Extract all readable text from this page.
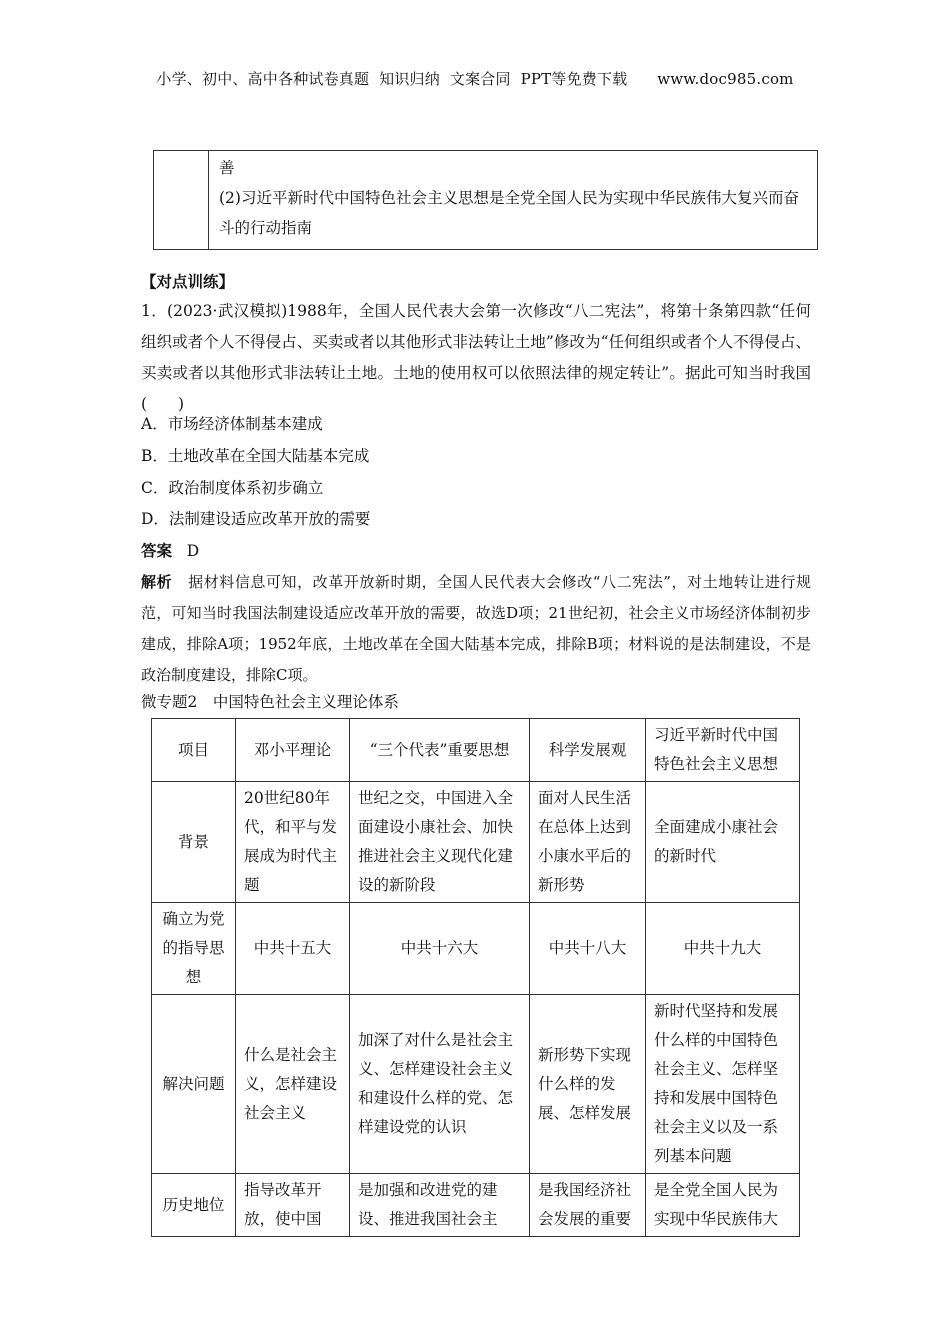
小学、初中、高中各种试卷真题  知识归纳  文案合同  PPT等免费下载      www.doc985.com

善
(2)习近平新时代中国特色社会主义思想是全党全国人民为实现中华民族伟大复兴而奋斗的行动指南
【对点训练】
1．(2023·武汉模拟)1988年，全国人民代表大会第一次修改“八二宪法”，将第十条第四款“任何组织或者个人不得侵占、买卖或者以其他形式非法转让土地”修改为“任何组织或者个人不得侵占、买卖或者以其他形式非法转让土地。土地的使用权可以依照法律的规定转让”。据此可知当时我国(　　)
A．市场经济体制基本建成
B．土地改革在全国大陆基本完成
C．政治制度体系初步确立
D．法制建设适应改革开放的需要
答案 D
解析 据材料信息可知，改革开放新时期，全国人民代表大会修改“八二宪法”，对土地转让进行规范，可知当时我国法制建设适应改革开放的需要，故选D项；21世纪初，社会主义市场经济体制初步建成，排除A项；1952年底，土地改革在全国大陆基本完成，排除B项；材料说的是法制建设，不是政治制度建设，排除C项。
微专题2　中国特色社会主义理论体系
项目	邓小平理论	“三个代表”重要思想	科学发展观	习近平新时代中国特色社会主义思想
背景	20世纪80年代，和平与发展成为时代主题	世纪之交，中国进入全面建设小康社会、加快推进社会主义现代化建设的新阶段	面对人民生活在总体上达到小康水平后的新形势	全面建成小康社会的新时代
确立为党的指导思想	中共十五大	中共十六大	中共十八大	中共十九大
解决问题	什么是社会主义，怎样建设社会主义	加深了对什么是社会主义、怎样建设社会主义和建设什么样的党、怎样建设党的认识	新形势下实现什么样的发展、怎样发展	新时代坚持和发展什么样的中国特色社会主义、怎样坚持和发展中国特色社会主义以及一系列基本问题
历史地位	指导改革开放，使中国	是加强和改进党的建设、推进我国社会主	是我国经济社会发展的重要	是全党全国人民为实现中华民族伟大
